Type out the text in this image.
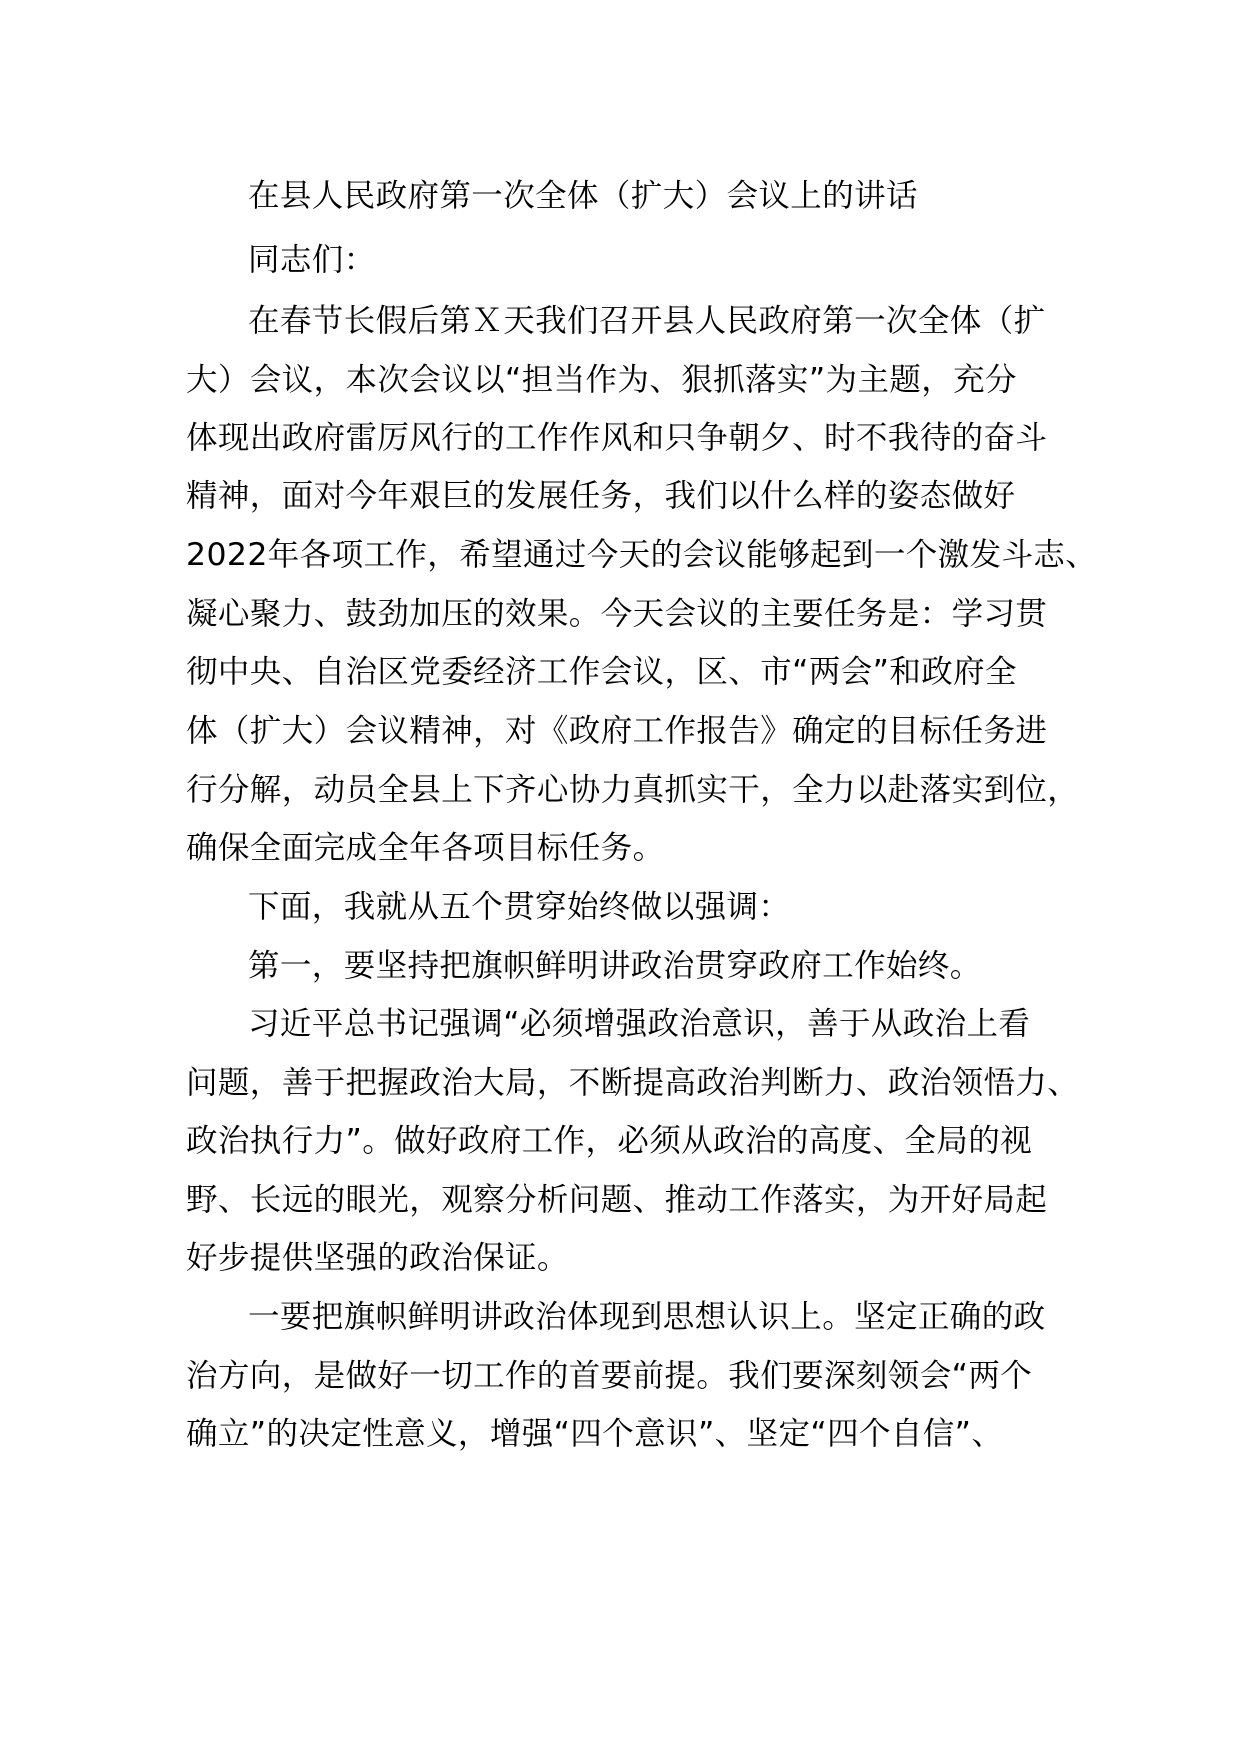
在县人民政府第一次全体（扩大）会议上的讲话

同志们：

在春节长假后第Ｘ天我们召开县人民政府第一次全体（扩

大）会议，本次会议以“担当作为、狠抓落实”为主题，充分

体现出政府雷厉风行的工作作风和只争朝夕、时不我待的奋斗

精神，面对今年艰巨的发展任务，我们以什么样的姿态做好

2022年各项工作，希望通过今天的会议能够起到一个激发斗志、

凝心聚力、鼓劲加压的效果。今天会议的主要任务是：学习贯

彻中央、自治区党委经济工作会议，区、市“两会”和政府全

体（扩大）会议精神，对《政府工作报告》确定的目标任务进

行分解，动员全县上下齐心协力真抓实干，全力以赴落实到位，

确保全面完成全年各项目标任务。

下面，我就从五个贯穿始终做以强调：

第一，要坚持把旗帜鲜明讲政治贯穿政府工作始终。

习近平总书记强调“必须增强政治意识，善于从政治上看

问题，善于把握政治大局，不断提高政治判断力、政治领悟力、

政治执行力”。做好政府工作，必须从政治的高度、全局的视

野、长远的眼光，观察分析问题、推动工作落实，为开好局起

好步提供坚强的政治保证。

一要把旗帜鲜明讲政治体现到思想认识上。坚定正确的政

治方向，是做好一切工作的首要前提。我们要深刻领会“两个

确立”的决定性意义，增强“四个意识”、坚定“四个自信”、
